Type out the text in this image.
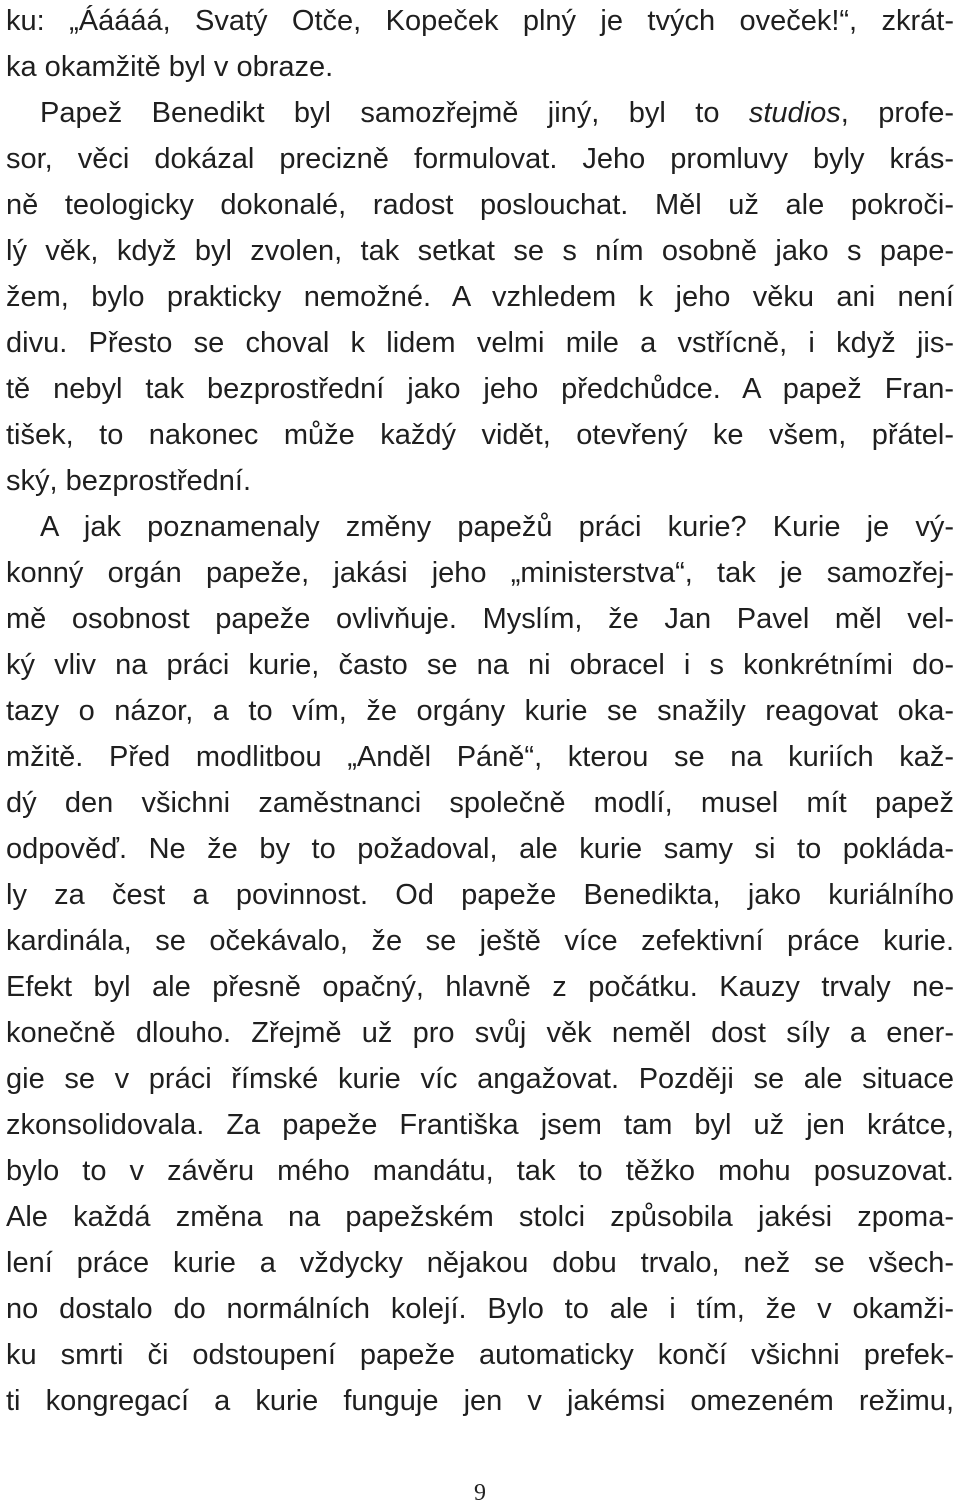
ku: „Ááááá, Svatý Otče, Kopeček plný je tvých oveček!“, zkrát-

ka okamžitě byl v obraze.

Papež Benedikt byl samozřejmě jiný, byl to studios, profe-

sor, věci dokázal precizně formulovat. Jeho promluvy byly krás-

ně teologicky dokonalé, radost poslouchat. Měl už ale pokroči-

lý věk, když byl zvolen, tak setkat se s ním osobně jako s pape-

žem, bylo prakticky nemožné. A vzhledem k jeho věku ani není

divu. Přesto se choval k lidem velmi mile a vstřícně, i když jis-

tě nebyl tak bezprostřední jako jeho předchůdce. A papež Fran-

tišek, to nakonec může každý vidět, otevřený ke všem, přátel-

ský, bezprostřední.

A jak poznamenaly změny papežů práci kurie? Kurie je vý-

konný orgán papeže, jakási jeho „ministerstva“, tak je samozřej-

mě osobnost papeže ovlivňuje. Myslím, že Jan Pavel měl vel-

ký vliv na práci kurie, často se na ni obracel i s konkrétními do-

tazy o názor, a to vím, že orgány kurie se snažily reagovat oka-

mžitě. Před modlitbou „Anděl Páně“, kterou se na kuriích kaž-

dý den všichni zaměstnanci společně modlí, musel mít papež

odpověď. Ne že by to požadoval, ale kurie samy si to pokláda-

ly za čest a povinnost. Od papeže Benedikta, jako kuriálního

kardinála, se očekávalo, že se ještě více zefektivní práce kurie.

Efekt byl ale přesně opačný, hlavně z počátku. Kauzy trvaly ne-

konečně dlouho. Zřejmě už pro svůj věk neměl dost síly a ener-

gie se v práci římské kurie víc angažovat. Později se ale situace

zkonsolidovala. Za papeže Františka jsem tam byl už jen krátce,

bylo to v závěru mého mandátu, tak to těžko mohu posuzovat.

Ale každá změna na papežském stolci způsobila jakési zpoma-

lení práce kurie a vždycky nějakou dobu trvalo, než se všech-

no dostalo do normálních kolejí. Bylo to ale i tím, že v okamži-

ku smrti či odstoupení papeže automaticky končí všichni prefek-

ti kongregací a kurie funguje jen v jakémsi omezeném režimu,

9
